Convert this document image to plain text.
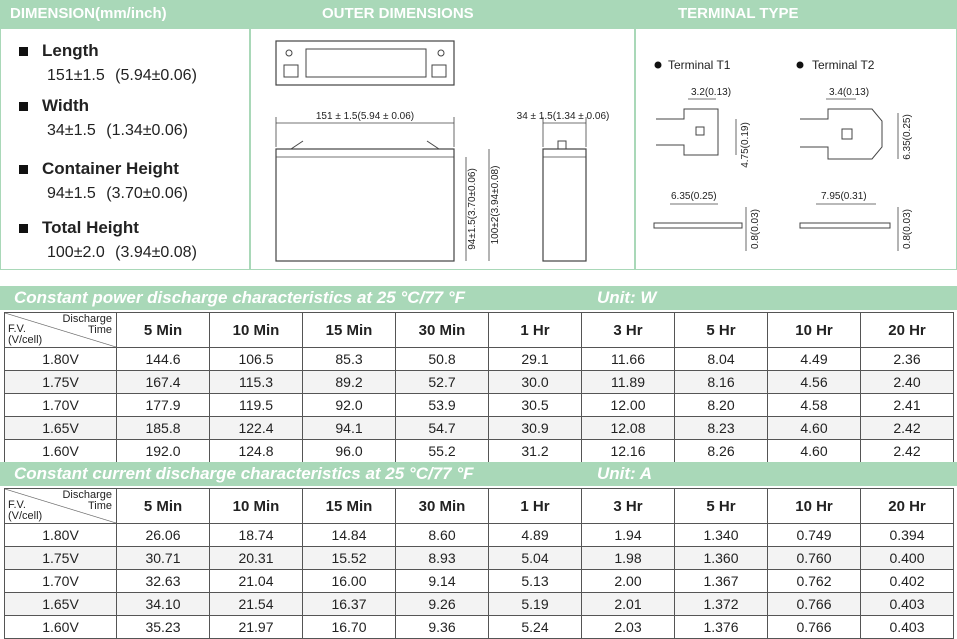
DIMENSION(mm/inch)	OUTER DIMENSIONS	TERMINAL TYPE
Length
151±1.5 (5.94±0.06)
Width
34±1.5 (1.34±0.06)
Container Height
94±1.5 (3.70±0.06)
Total Height
100±2.0 (3.94±0.08)
151 ± 1.5(5.94 ± 0.06)
94±1.5(3.70±0.06) 100±2(3.94±0.08)
34 ± 1.5(1.34 ± 0.06)
Terminal T1	Terminal T2
3.2(0.13)
4.75(0.19)
6.35(0.25)
0.8(0.03)
3.4(0.13)
6.35(0.25)
7.95(0.31)
0.8(0.03)
Constant power discharge characteristics at 25 °C/77 °F	Unit: W
Discharge
Time
F.V.
(V/cell)	5 Min	10 Min	15 Min	30 Min	1 Hr	3 Hr	5 Hr	10 Hr	20 Hr
1.80V	144.6	106.5	85.3	50.8	29.1	11.66	8.04	4.49	2.36
1.75V	167.4	115.3	89.2	52.7	30.0	11.89	8.16	4.56	2.40
1.70V	177.9	119.5	92.0	53.9	30.5	12.00	8.20	4.58	2.41
1.65V	185.8	122.4	94.1	54.7	30.9	12.08	8.23	4.60	2.42
1.60V	192.0	124.8	96.0	55.2	31.2	12.16	8.26	4.60	2.42
Constant current discharge characteristics at 25 °C/77 °F	Unit: A
Discharge
Time
F.V.
(V/cell)	5 Min	10 Min	15 Min	30 Min	1 Hr	3 Hr	5 Hr	10 Hr	20 Hr
1.80V	26.06	18.74	14.84	8.60	4.89	1.94	1.340	0.749	0.394
1.75V	30.71	20.31	15.52	8.93	5.04	1.98	1.360	0.760	0.400
1.70V	32.63	21.04	16.00	9.14	5.13	2.00	1.367	0.762	0.402
1.65V	34.10	21.54	16.37	9.26	5.19	2.01	1.372	0.766	0.403
1.60V	35.23	21.97	16.70	9.36	5.24	2.03	1.376	0.766	0.403
